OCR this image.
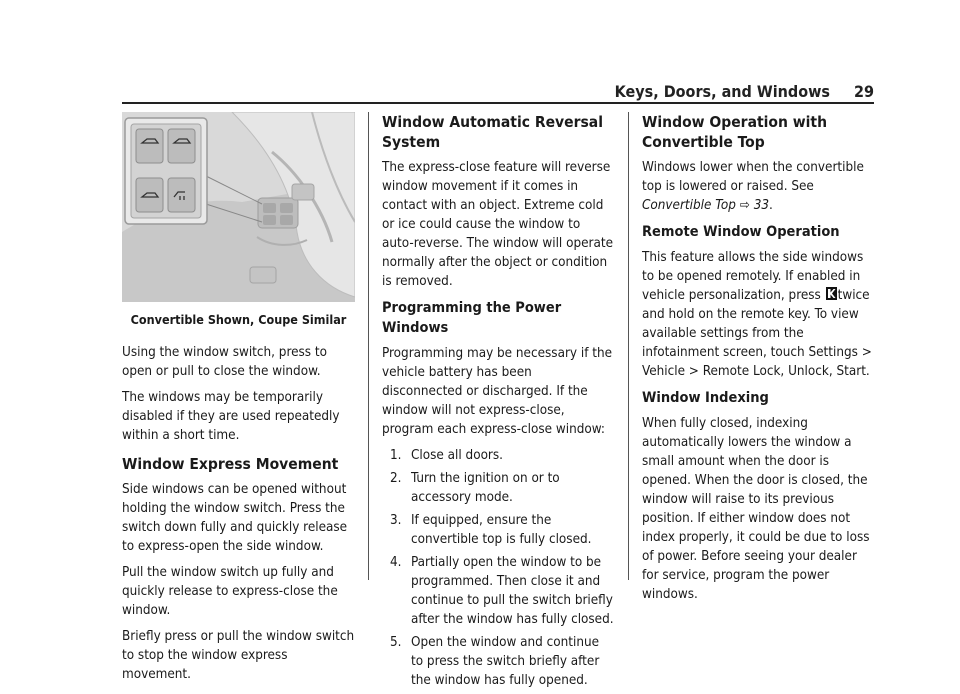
Keys, Doors, and Windows 29
Convertible Shown, Coupe Similar

Using the window switch, press to open or pull to close the window.

The windows may be temporarily disabled if they are used repeatedly within a short time.

Window Express Movement

Side windows can be opened without holding the window switch. Press the switch down fully and quickly release to express-open the side window.

Pull the window switch up fully and quickly release to express-close the window.

Briefly press or pull the window switch to stop the window express movement.

Window Automatic Reversal System

The express-close feature will reverse window movement if it comes in contact with an object. Extreme cold or ice could cause the window to auto-reverse. The window will operate normally after the object or condition is removed.

Programming the Power Windows

Programming may be necessary if the vehicle battery has been disconnected or discharged. If the window will not express-close, program each express-close window:

1. Close all doors.
2. Turn the ignition on or to accessory mode.
3. If equipped, ensure the convertible top is fully closed.
4. Partially open the window to be programmed. Then close it and continue to pull the switch briefly after the window has fully closed.
5. Open the window and continue to press the switch briefly after the window has fully opened.
Window Operation with Convertible Top

Windows lower when the convertible top is lowered or raised. See Convertible Top ⇨ 33.

Remote Window Operation

This feature allows the side windows to be opened remotely. If enabled in vehicle personalization, press twice and hold on the remote key. To view available settings from the infotainment screen, touch Settings > Vehicle > Remote Lock, Unlock, Start.

Window Indexing

When fully closed, indexing automatically lowers the window a small amount when the door is opened. When the door is closed, the window will raise to its previous position. If either window does not index properly, it could be due to loss of power. Before seeing your dealer for service, program the power windows.
